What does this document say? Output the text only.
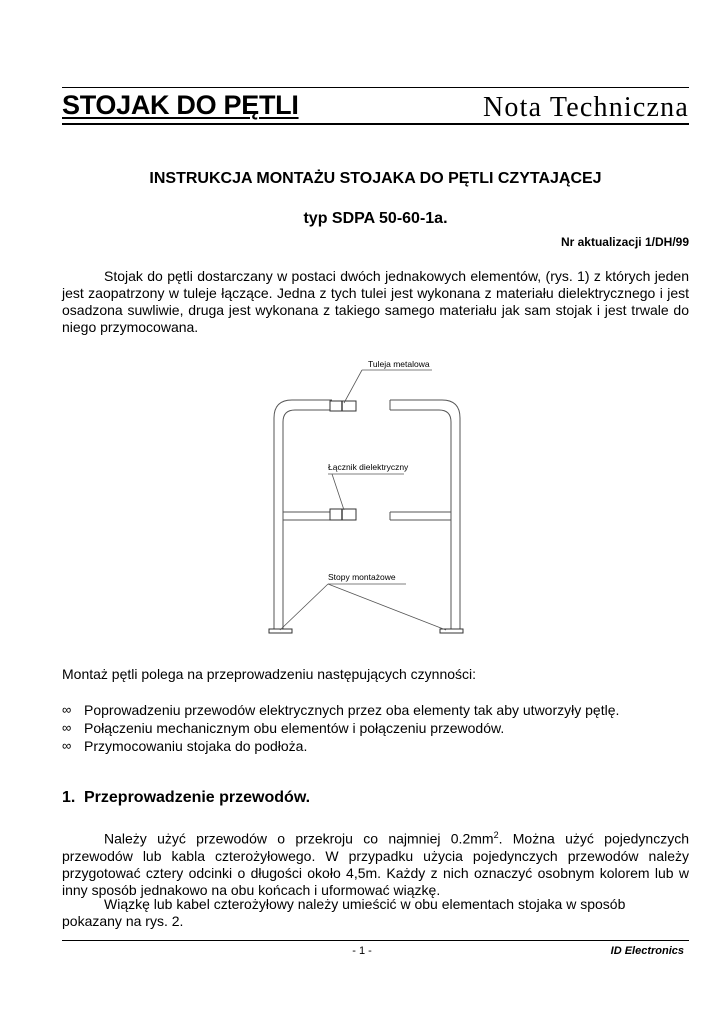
STOJAK DO PĘTLI	Nota Techniczna
INSTRUKCJA MONTAŻU STOJAKA DO PĘTLI CZYTAJĄCEJ
typ SDPA 50-60-1a.
Nr aktualizacji 1/DH/99

Stojak do pętli dostarczany w postaci dwóch jednakowych elementów, (rys. 1) z których jeden jest zaopatrzony w tuleje łączące. Jedna z tych tulei jest wykonana z materiału dielektrycznego i jest osadzona suwliwie, druga jest wykonana z takiego samego materiału jak sam stojak i jest trwale do niego przymocowana.

Tuleja metalowa
Łącznik dielektryczny
Stopy montażowe

Montaż pętli polega na przeprowadzeniu następujących czynności:

∞ Poprowadzeniu przewodów elektrycznych przez oba elementy tak aby utworzyły pętlę.
∞ Połączeniu mechanicznym obu elementów i połączeniu przewodów.
∞ Przymocowaniu stojaka do podłoża.
1. Przeprowadzenie przewodów.

Należy użyć przewodów o przekroju co najmniej $0.2mm^2$. Można użyć pojedynczych przewodów lub kabla czterożyłowego. W przypadku użycia pojedynczych przewodów należy przygotować cztery odcinki o długości około 4,5m. Każdy z nich oznaczyć osobnym kolorem lub w inny sposób jednakowo na obu końcach i uformować wiązkę.

Wiązkę lub kabel czterożyłowy należy umieścić w obu elementach stojaka w sposób pokazany na rys. 2.

- 1 -	ID Electronics
